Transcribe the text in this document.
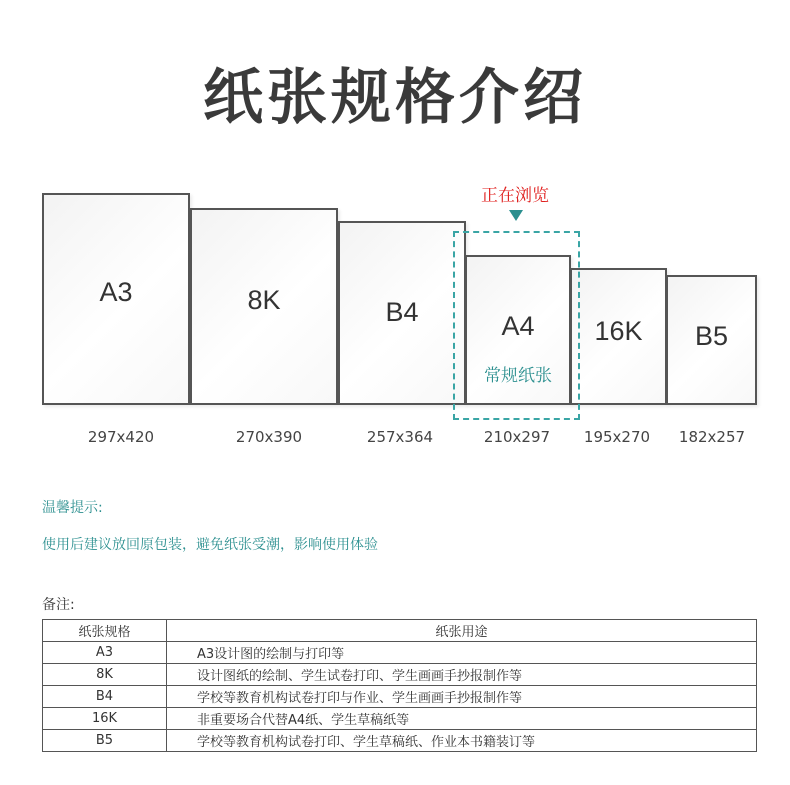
纸张规格介绍
A3	8K	B4	A4
常规纸张
16K	B5
正在浏览
297x420	270x390	257x364	210x297	195x270	182x257
温馨提示:
使用后建议放回原包装，避免纸张受潮，影响使用体验
备注:
纸张规格	纸张用途
A3	A3设计图的绘制与打印等
8K	设计图纸的绘制、学生试卷打印、学生画画手抄报制作等
B4	学校等教育机构试卷打印与作业、学生画画手抄报制作等
16K	非重要场合代替A4纸、学生草稿纸等
B5	学校等教育机构试卷打印、学生草稿纸、作业本书籍装订等
